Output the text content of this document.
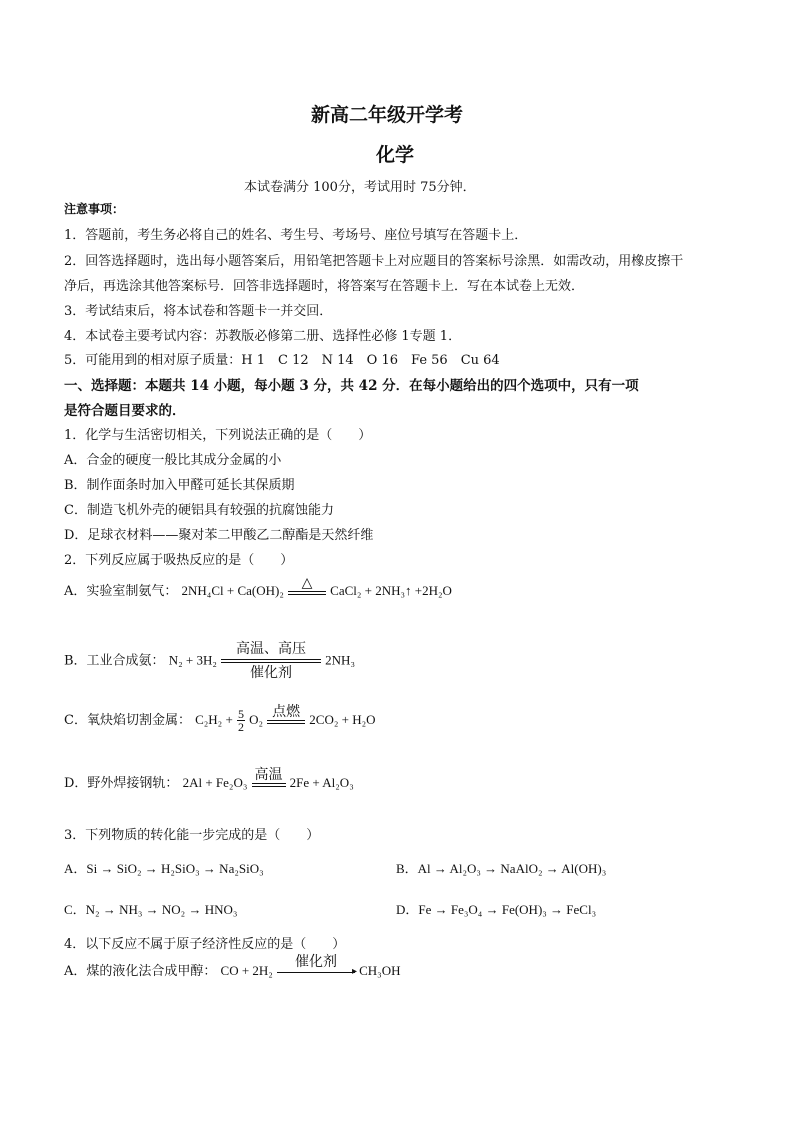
新高二年级开学考
化学
本试卷满分 100分，考试用时 75分钟．
注意事项：
1．答题前，考生务必将自己的姓名、考生号、考场号、座位号填写在答题卡上．
2．回答选择题时，选出每小题答案后，用铅笔把答题卡上对应题目的答案标号涂黑．如需改动，用橡皮擦干
净后，再选涂其他答案标号．回答非选择题时，将答案写在答题卡上．写在本试卷上无效．
3．考试结束后，将本试卷和答题卡一并交回．
4．本试卷主要考试内容：苏教版必修第二册、选择性必修 1专题 1．
5．可能用到的相对原子质量：H 1　C 12　N 14　O 16　Fe 56　Cu 64
一、选择题：本题共 14 小题，每小题 3 分，共 42 分．在每小题给出的四个选项中，只有一项
是符合题目要求的．
1．化学与生活密切相关，下列说法正确的是（　　）
A．合金的硬度一般比其成分金属的小
B．制作面条时加入甲醛可延长其保质期
C．制造飞机外壳的硬铝具有较强的抗腐蚀能力
D．足球衣材料——聚对苯二甲酸乙二醇酯是天然纤维
2．下列反应属于吸热反应的是（　　）
A．实验室制氨气： 2NH₄Cl + Ca(OH)₂	△	CaCl₂ + 2NH₃↑ +2H₂O
B．工业合成氨： N₂ + 3H₂
高温、高压
催化剂
2NH₃
C．氧炔焰切割金属： $C_2H_2 + \frac{5}{2} O_2$ 点燃 2CO₂ + H₂O
D．野外焊接钢轨： 2Al + Fe₂O₃ 高温 2Fe + Al₂O₃
3．下列物质的转化能一步完成的是（　　）
A．Si → SiO₂ → H₂SiO₃ → Na₂SiO₃	B．Al → Al₂O₃ → NaAlO₂ → Al(OH)₃
C．N₂ → NH₃ → NO₂ → HNO₃	D．Fe → Fe₃O₄ → Fe(OH)₃ → FeCl₃
4．以下反应不属于原子经济性反应的是（　　）
A．煤的液化法合成甲醇： CO + 2H₂
催化剂
▸ CH₃OH
